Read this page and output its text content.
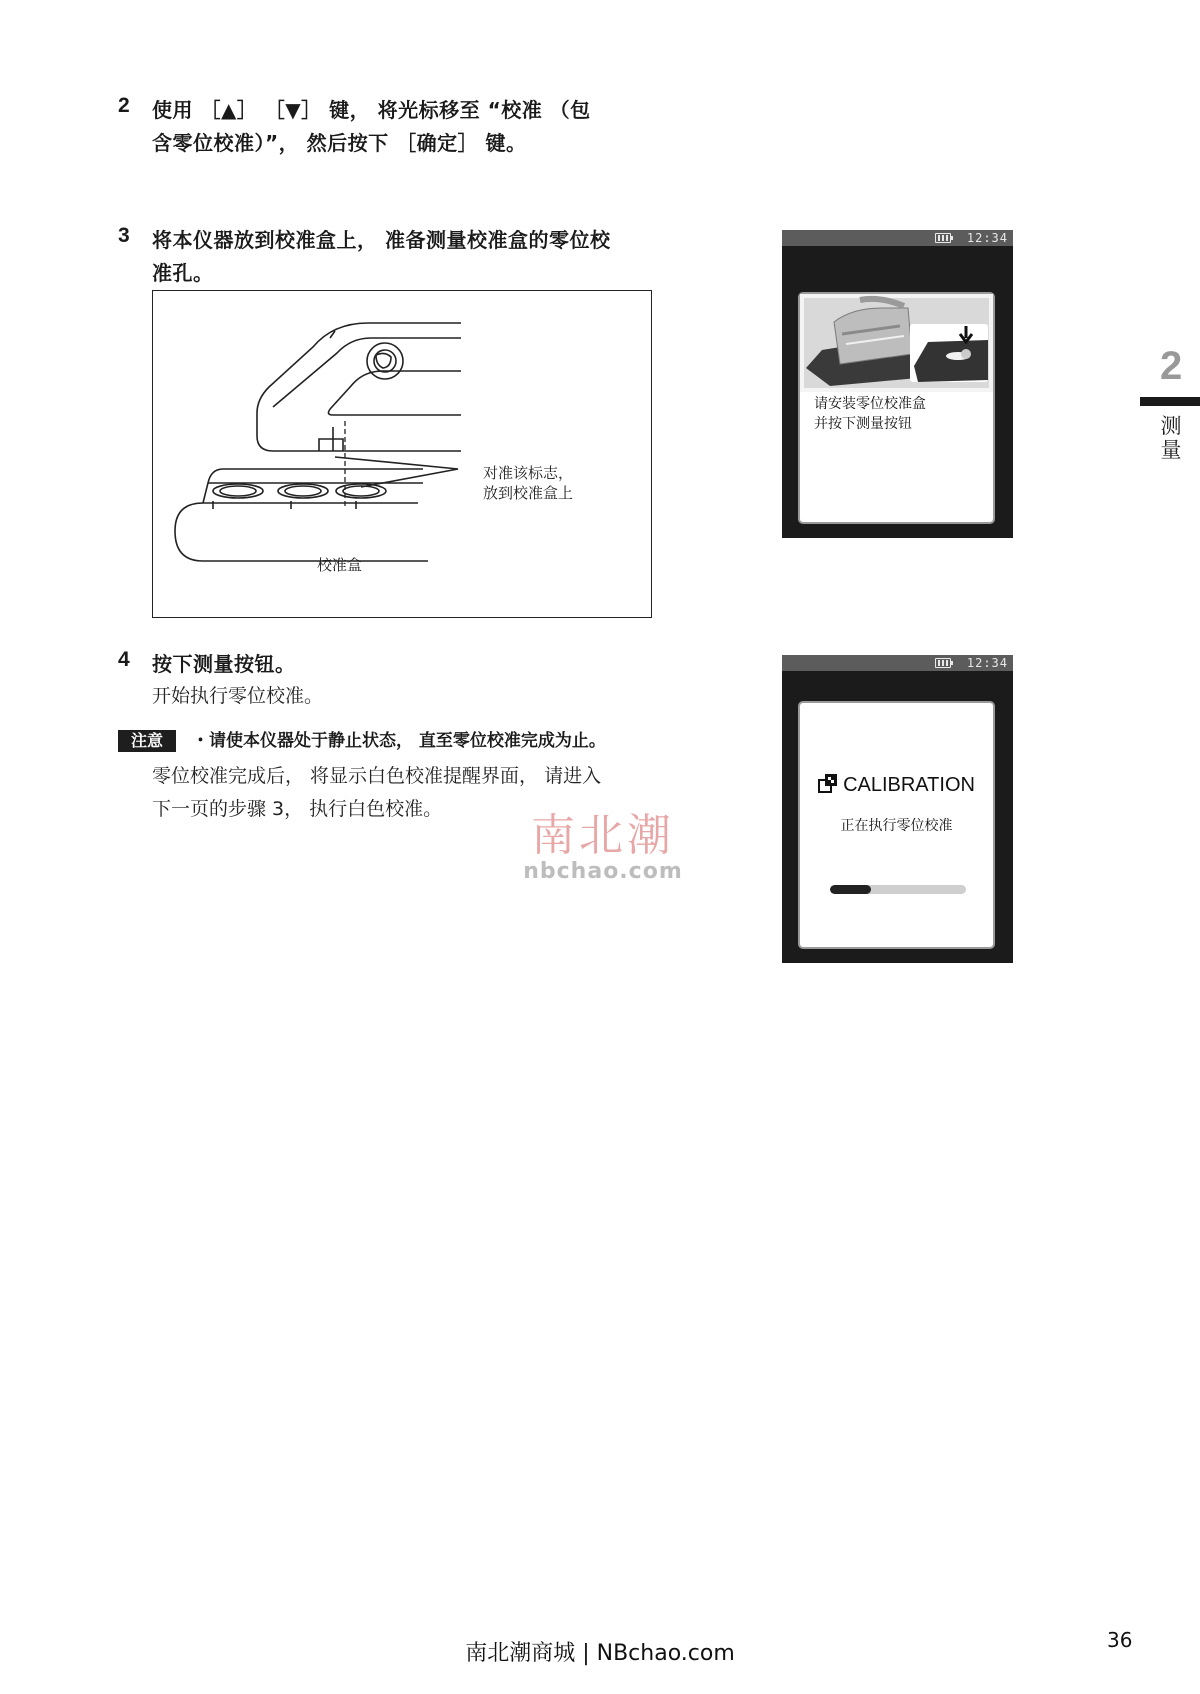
2 使用 ［▲］ ［▼］ 键， 将光标移至 “校准 （包
含零位校准）”， 然后按下 ［确定］ 键。
3 将本仪器放到校准盒上， 准备测量校准盒的零位校
准孔。
对准该标志，
放到校准盒上
校准盒
4 按下测量按钮。
开始执行零位校准。
注意	・请使本仪器处于静止状态， 直至零位校准完成为止。
零位校准完成后， 将显示白色校准提醒界面， 请进入
下一页的步骤 3， 执行白色校准。
12:34
请安装零位校准盒
并按下测量按钮
12:34
CALIBRATION
正在执行零位校准
2
测量
南北潮
nbchao.com
南北潮商城 | NBchao.com
36
